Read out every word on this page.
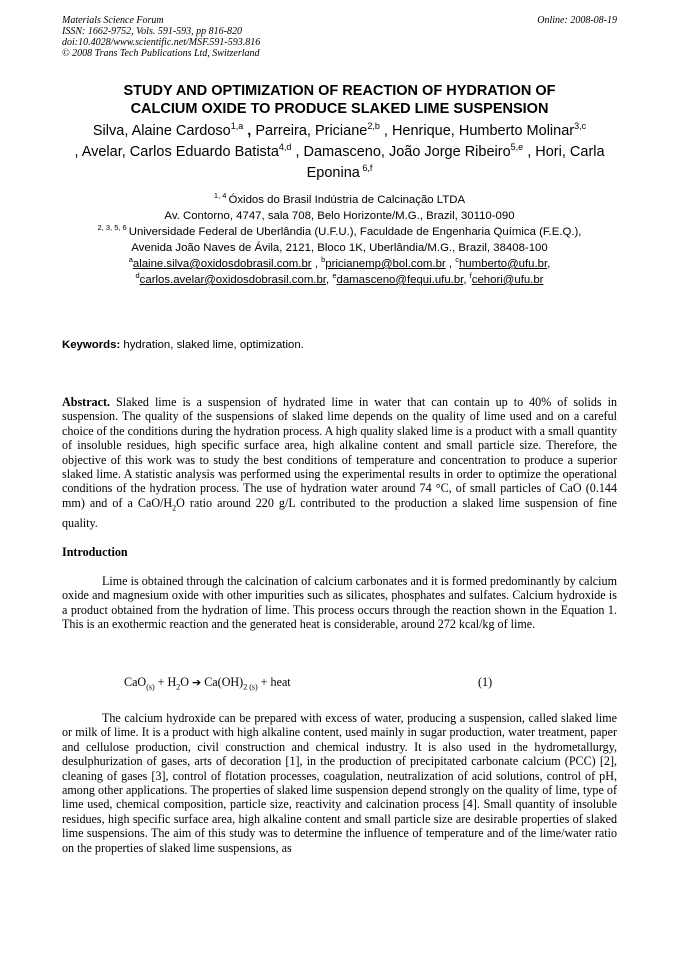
Materials Science Forum
ISSN: 1662-9752, Vols. 591-593, pp 816-820
doi:10.4028/www.scientific.net/MSF.591-593.816
© 2008 Trans Tech Publications Ltd, Switzerland
Online: 2008-08-19
STUDY AND OPTIMIZATION OF REACTION OF HYDRATION OF
CALCIUM OXIDE TO PRODUCE SLAKED LIME SUSPENSION
Silva, Alaine Cardoso$^{1,a}$ , Parreira, Priciane$^{2,b}$ , Henrique, Humberto Molinar$^{3,c}$
, Avelar, Carlos Eduardo Batista$^{4,d}$ , Damasceno, João Jorge Ribeiro$^{5,e}$ , Hori, Carla Eponina $^{6,f}$
$^{1, 4}$ Óxidos do Brasil Indústria de Calcinação LTDA
Av. Contorno, 4747, sala 708, Belo Horizonte/M.G., Brazil, 30110-090
$^{2, 3, 5, 6}$ Universidade Federal de Uberlândia (U.F.U.), Faculdade de Engenharia Química (F.E.Q.),
Avenida João Naves de Ávila, 2121, Bloco 1K, Uberlândia/M.G., Brazil, 38408-100
$^a$alaine.silva@oxidosdobrasil.com.br , $^b$pricianemp@bol.com.br , $^c$humberto@ufu.br,
$^d$carlos.avelar@oxidosdobrasil.com.br, $^e$damasceno@fequi.ufu.br, $^f$cehori@ufu.br
Keywords: hydration, slaked lime, optimization.
Abstract. Slaked lime is a suspension of hydrated lime in water that can contain up to 40% of solids in suspension. The quality of the suspensions of slaked lime depends on the quality of lime used and on a careful choice of the conditions during the hydration process. A high quality slaked lime is a product with a small quantity of insoluble residues, high specific surface area, high alkaline content and small particle size. Therefore, the objective of this work was to study the best conditions of temperature and concentration to produce a superior slaked lime. A statistic analysis was performed using the experimental results in order to optimize the operational conditions of the hydration process. The use of hydration water around 74 °C, of small particles of CaO (0.144 mm) and of a CaO/$H_2O$ ratio around 220 g/L contributed to the production a slaked lime suspension of fine quality.
Introduction
Lime is obtained through the calcination of calcium carbonates and it is formed predominantly by calcium oxide and magnesium oxide with other impurities such as silicates, phosphates and sulfates. Calcium hydroxide is a product obtained from the hydration of lime. This process occurs through the reaction shown in the Equation 1. This is an exothermic reaction and the generated heat is considerable, around 272 kcal/kg of lime.
$CaO_{(s)} + H_2O$ ➔ $Ca(OH)_{2 (s)}$ + heat	(1)
The calcium hydroxide can be prepared with excess of water, producing a suspension, called slaked lime or milk of lime. It is a product with high alkaline content, used mainly in sugar production, water treatment, paper and cellulose production, civil construction and chemical industry. It is also used in the hydrometallurgy, desulphurization of gases, arts of decoration [1], in the production of precipitated carbonate calcium (PCC) [2], cleaning of gases [3], control of flotation processes, coagulation, neutralization of acid solutions, control of pH, among other applications. The properties of slaked lime suspension depend strongly on the quality of lime, type of lime used, chemical composition, particle size, reactivity and calcination process [4]. Small quantity of insoluble residues, high specific surface area, high alkaline content and small particle size are desirable properties of slaked lime suspensions. The aim of this study was to determine the influence of temperature and of the lime/water ratio on the properties of slaked lime suspensions, as
